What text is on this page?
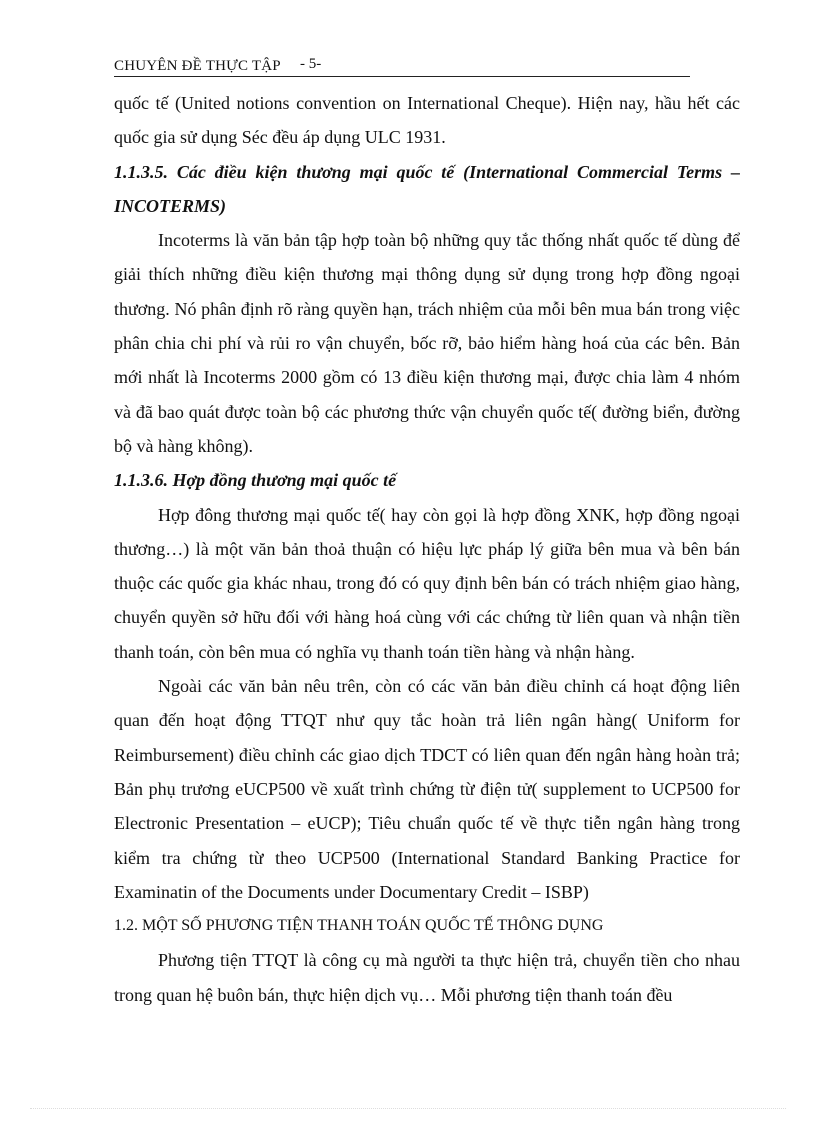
CHUYÊN ĐỀ THỰC TẬP - 5-

quốc tế (United notions convention on International Cheque). Hiện nay, hầu hết các quốc gia sử dụng Séc đều áp dụng ULC 1931.

1.1.3.5. Các điều kiện thương mại quốc tế (International Commercial Terms – INCOTERMS)

Incoterms là văn bản tập hợp toàn bộ những quy tắc thống nhất quốc tế dùng để giải thích những điều kiện thương mại thông dụng sử dụng trong hợp đồng ngoại thương. Nó phân định rõ ràng quyền hạn, trách nhiệm của mỗi bên mua bán trong việc phân chia chi phí và rủi ro vận chuyển, bốc rỡ, bảo hiểm hàng hoá của các bên. Bản mới nhất là Incoterms 2000 gồm có 13 điều kiện thương mại, được chia làm 4 nhóm và đã bao quát được toàn bộ các phương thức vận chuyển quốc tế( đường biển, đường bộ và hàng không).

1.1.3.6. Hợp đồng thương mại quốc tế

Hợp đông thương mại quốc tế( hay còn gọi là hợp đồng XNK, hợp đồng ngoại thương…) là một văn bản thoả thuận có hiệu lực pháp lý giữa bên mua và bên bán thuộc các quốc gia khác nhau, trong đó có quy định bên bán có trách nhiệm giao hàng, chuyển quyền sở hữu đối với hàng hoá cùng với các chứng từ liên quan và nhận tiền thanh toán, còn bên mua có nghĩa vụ thanh toán tiền hàng và nhận hàng.

Ngoài các văn bản nêu trên, còn có các văn bản điều chỉnh cá hoạt động liên quan đến hoạt động TTQT như quy tắc hoàn trả liên ngân hàng( Uniform for Reimbursement) điều chỉnh các giao dịch TDCT có liên quan đến ngân hàng hoàn trả; Bản phụ trương eUCP500 về xuất trình chứng từ điện tử( supplement to UCP500 for Electronic Presentation – eUCP); Tiêu chuẩn quốc tế về thực tiễn ngân hàng trong kiểm tra chứng từ theo UCP500 (International Standard Banking Practice for Examinatin of the Documents under Documentary Credit – ISBP)

1.2. MỘT SỐ PHƯƠNG TIỆN THANH TOÁN QUỐC TẾ THÔNG DỤNG

Phương tiện TTQT là công cụ mà người ta thực hiện trả, chuyển tiền cho nhau trong quan hệ buôn bán, thực hiện dịch vụ… Mỗi phương tiện thanh toán đều
